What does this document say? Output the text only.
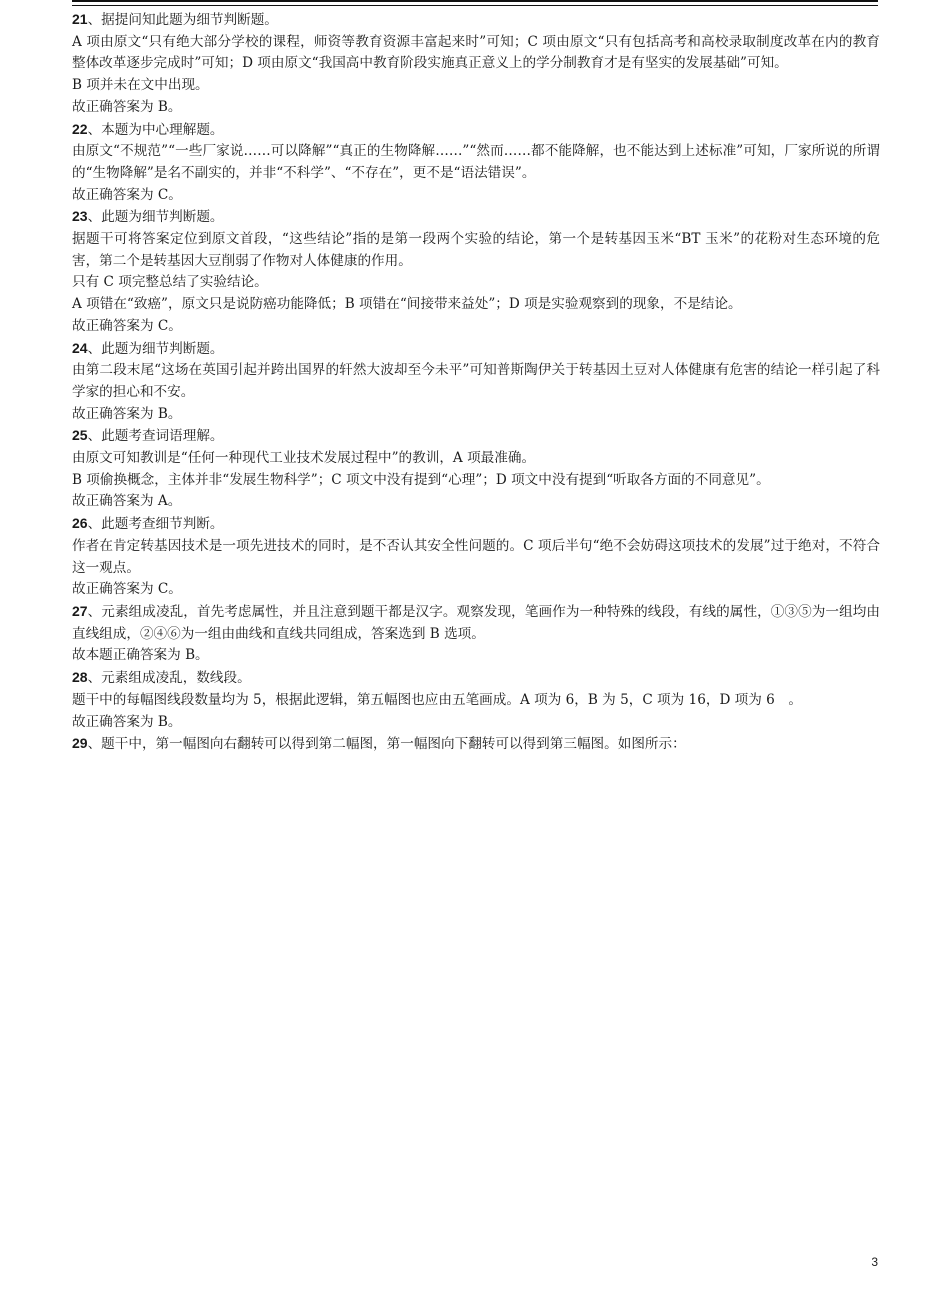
21、据提问知此题为细节判断题。

A 项由原文“只有绝大部分学校的课程，师资等教育资源丰富起来时”可知；C 项由原文“只有包括高考和高校录取制度改革在内的教育整体改革逐步完成时”可知；D 项由原文“我国高中教育阶段实施真正意义上的学分制教育才是有坚实的发展基础”可知。

B 项并未在文中出现。

故正确答案为 B。

22、本题为中心理解题。

由原文“不规范”“一些厂家说……可以降解”“真正的生物降解……”“然而……都不能降解，也不能达到上述标准”可知，厂家所说的所谓的“生物降解”是名不副实的，并非“不科学”、“不存在”，更不是“语法错误”。

故正确答案为 C。

23、此题为细节判断题。

据题干可将答案定位到原文首段，“这些结论”指的是第一段两个实验的结论，第一个是转基因玉米“BT 玉米”的花粉对生态环境的危害，第二个是转基因大豆削弱了作物对人体健康的作用。

只有 C 项完整总结了实验结论。

A 项错在“致癌”，原文只是说防癌功能降低；B 项错在“间接带来益处”；D 项是实验观察到的现象，不是结论。

故正确答案为 C。

24、此题为细节判断题。

由第二段末尾“这场在英国引起并跨出国界的轩然大波却至今未平”可知普斯陶伊关于转基因土豆对人体健康有危害的结论一样引起了科学家的担心和不安。

故正确答案为 B。

25、此题考查词语理解。

由原文可知教训是“任何一种现代工业技术发展过程中”的教训，A 项最准确。

B 项偷换概念，主体并非“发展生物科学”；C 项文中没有提到“心理”；D 项文中没有提到“听取各方面的不同意见”。

故正确答案为 A。

26、此题考查细节判断。

作者在肯定转基因技术是一项先进技术的同时，是不否认其安全性问题的。C 项后半句“绝不会妨碍这项技术的发展”过于绝对，不符合这一观点。

故正确答案为 C。

27、元素组成凌乱，首先考虑属性，并且注意到题干都是汉字。观察发现，笔画作为一种特殊的线段，有线的属性，①③⑤为一组均由直线组成，②④⑥为一组由曲线和直线共同组成，答案选到 B 选项。

故本题正确答案为 B。

28、元素组成凌乱，数线段。

题干中的每幅图线段数量均为 5，根据此逻辑，第五幅图也应由五笔画成。A 项为 6，B 为 5，C 项为 16，D 项为 6　。

故正确答案为 B。

29、题干中，第一幅图向右翻转可以得到第二幅图，第一幅图向下翻转可以得到第三幅图。如图所示：

3
